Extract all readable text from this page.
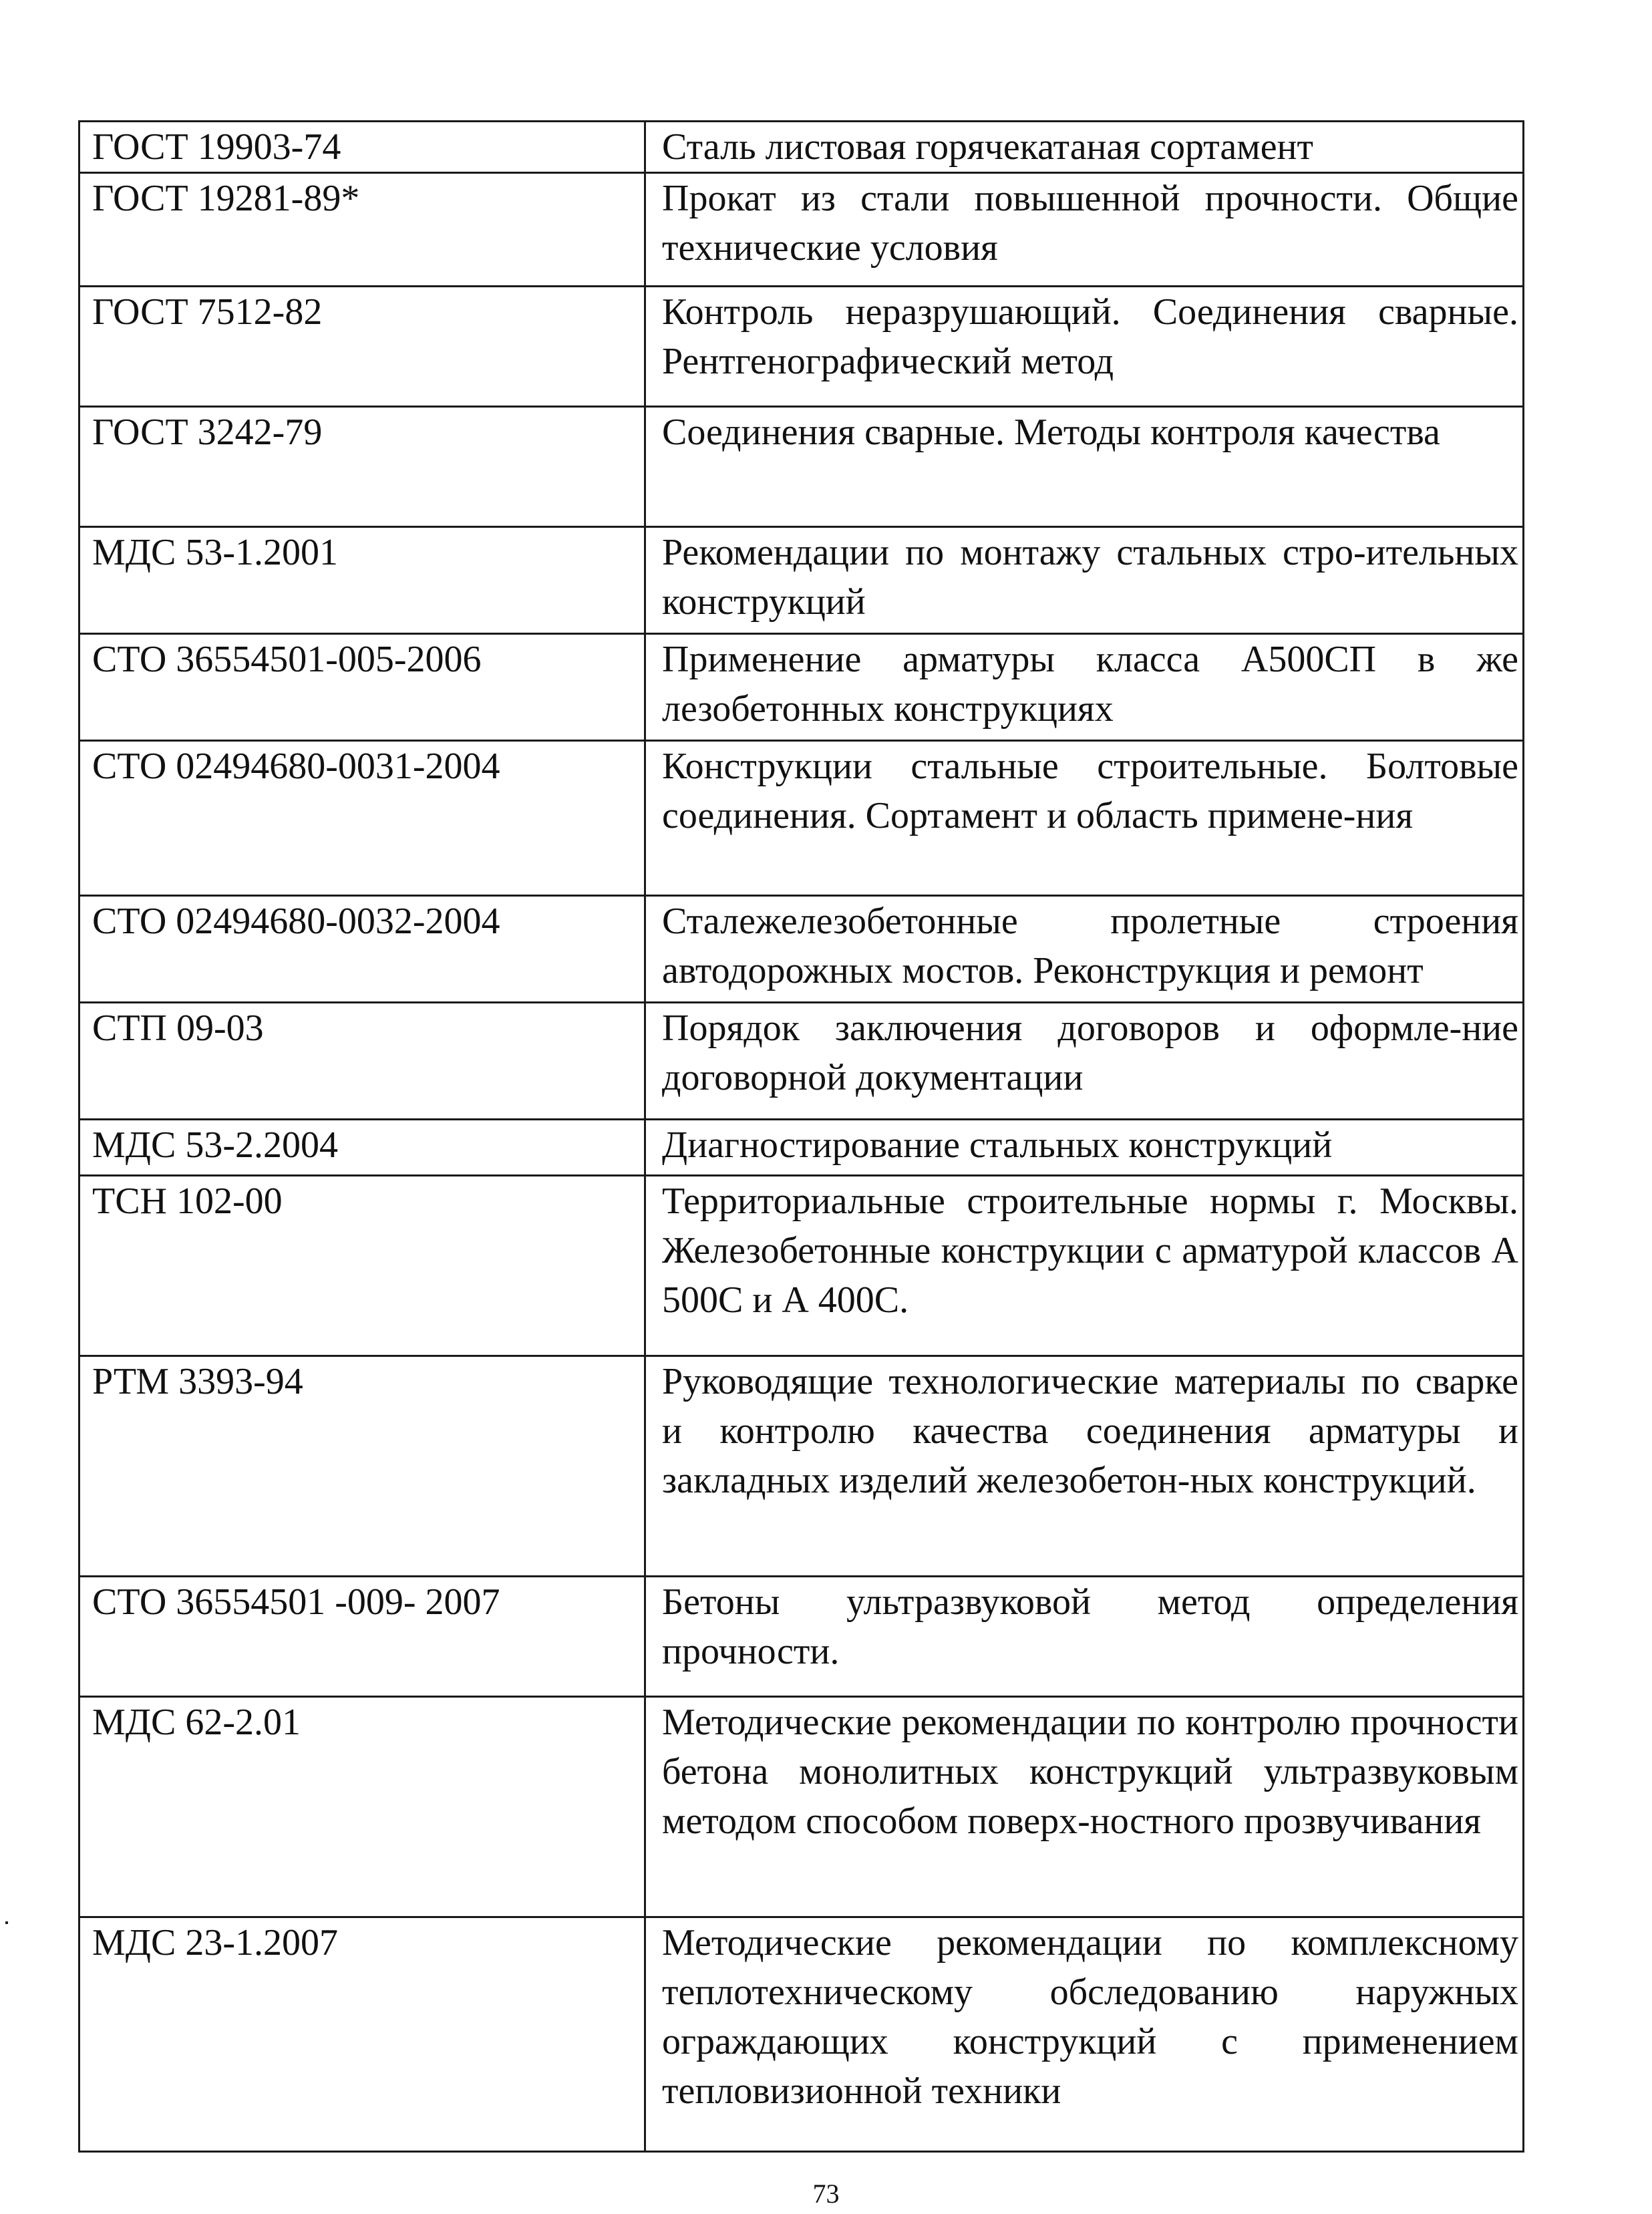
ГОСТ 19903-74	Сталь листовая горячекатаная сортамент
ГОСТ 19281-89*	Прокат из стали повышенной прочности. Общие технические условия
ГОСТ 7512-82	Контроль неразрушающий. Соединения сварные. Рентгенографический метод
ГОСТ 3242-79	Соединения сварные. Методы контроля качества
МДС 53-1.2001	Рекомендации по монтажу стальных стро-ительных конструкций
СТО 36554501-005-2006	Применение арматуры класса А500СП в же лезобетонных конструкциях
СТО 02494680-0031-2004	Конструкции стальные строительные. Болтовые соединения. Сортамент и область примене-ния
СТО 02494680-0032-2004	Сталежелезобетонные пролетные строения автодорожных мостов. Реконструкция и ремонт
СТП 09-03	Порядок заключения договоров и оформле-ние договорной документации
МДС 53-2.2004	Диагностирование стальных конструкций
ТСН 102-00	Территориальные строительные нормы г. Москвы. Железобетонные конструкции с арматурой классов А 500С и А 400С.
РТМ 3393-94	Руководящие технологические материалы по сварке и контролю качества соединения арматуры и закладных изделий железобетон-ных конструкций.
СТО 36554501 -009- 2007	Бетоны ультразвуковой метод определения прочности.
МДС 62-2.01	Методические рекомендации по контролю прочности бетона монолитных конструкций ультразвуковым методом способом поверх-ностного прозвучивания
МДС 23-1.2007	Методические рекомендации по комплексному теплотехническому обследованию наружных ограждающих конструкций с применением тепловизионной техники
73
